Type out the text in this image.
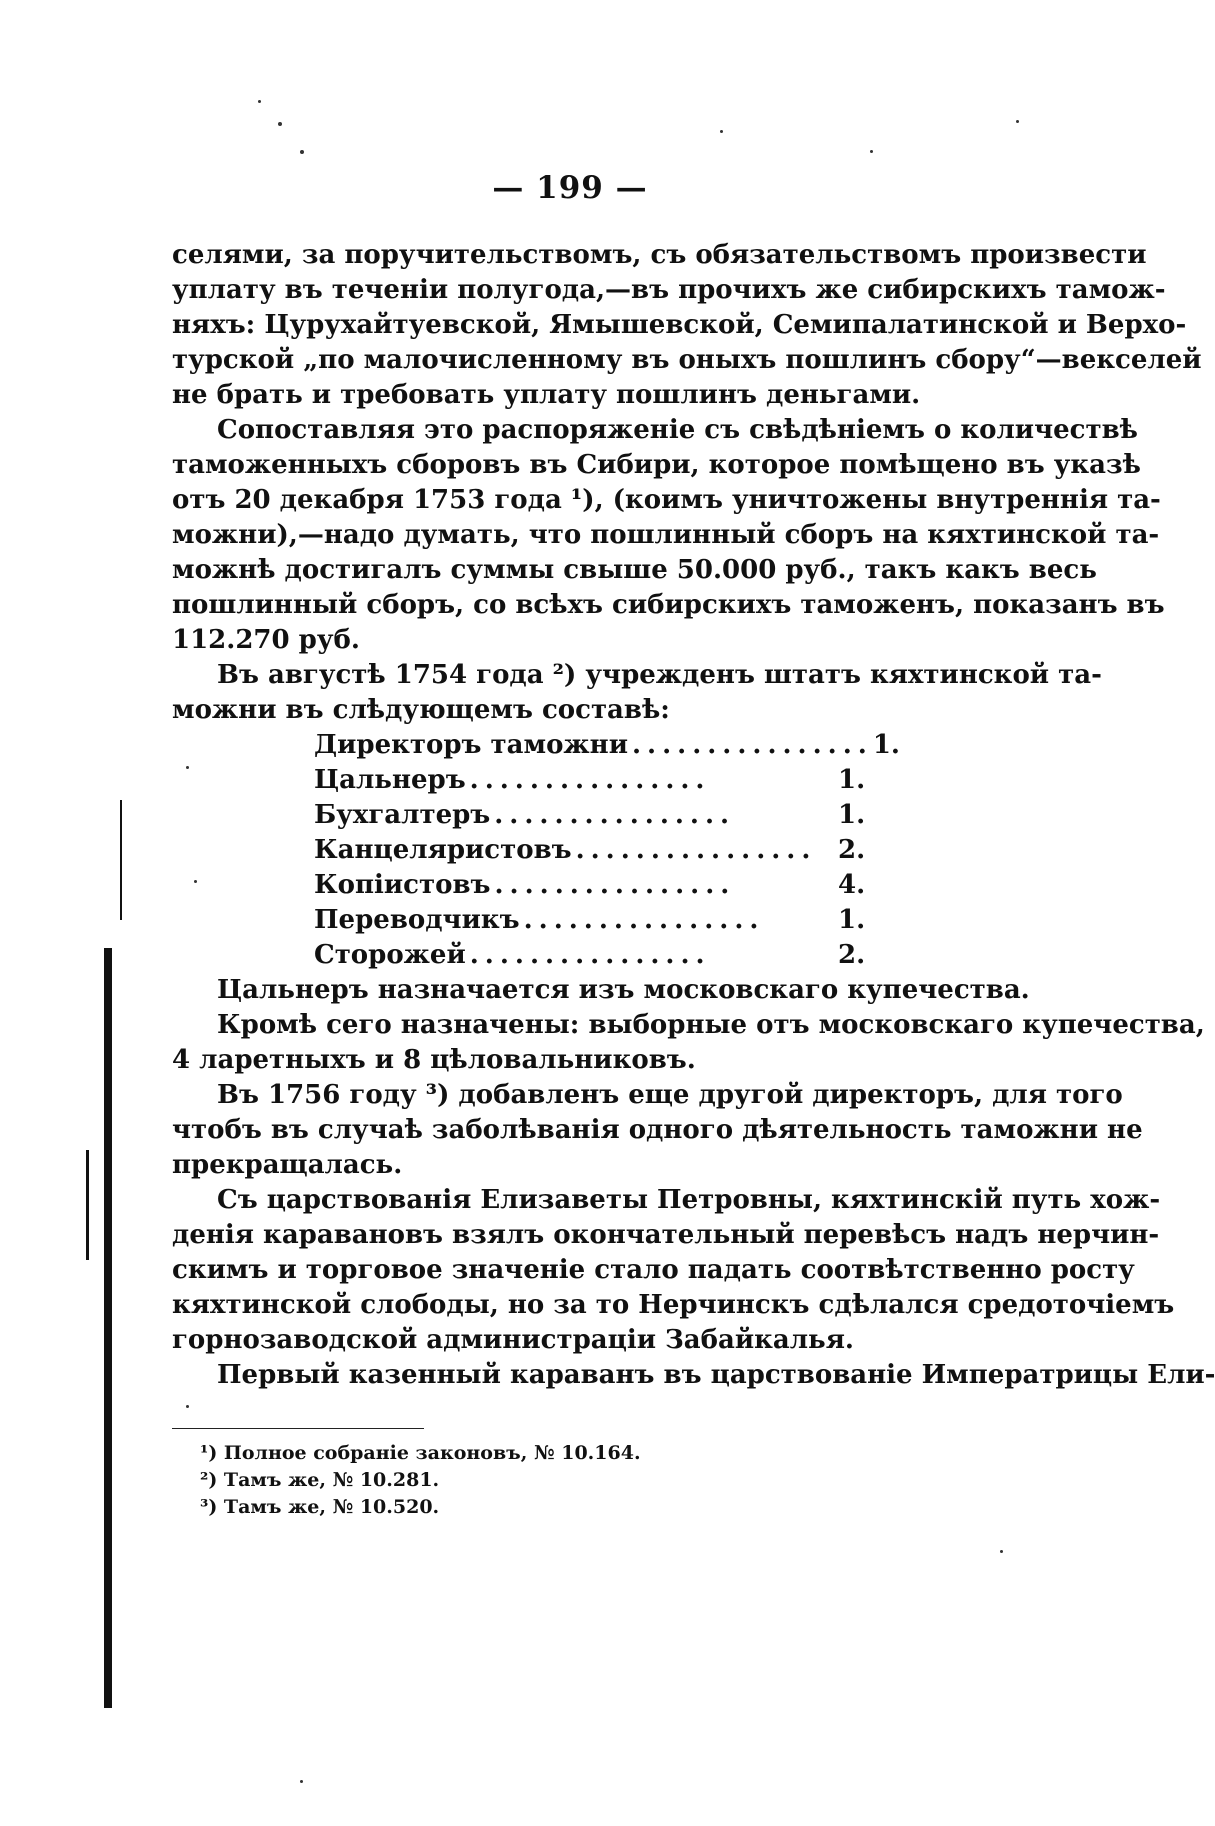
— 199 —
селями, за поручительствомъ, съ обязательствомъ произвести
уплату въ теченіи полугода,—въ прочихъ же сибирскихъ тамож-
няхъ: Цурухайтуевской, Ямышевской, Семипалатинской и Верхо-
турской „по малочисленному въ оныхъ пошлинъ сбору“—векселей
не брать и требовать уплату пошлинъ деньгами.
Сопоставляя это распоряженіе съ свѣдѣніемъ о количествѣ
таможенныхъ сборовъ въ Сибири, которое помѣщено въ указѣ
отъ 20 декабря 1753 года ¹), (коимъ уничтожены внутреннія та-
можни),—надо думать, что пошлинный сборъ на кяхтинской та-
можнѣ достигалъ суммы свыше 50.000 руб., такъ какъ весь
пошлинный сборъ, со всѣхъ сибирскихъ таможенъ, показанъ въ
112.270 руб.
Въ августѣ 1754 года ²) учрежденъ штатъ кяхтинской та-
можни въ слѣдующемъ составѣ:
Директоръ таможни ................ 1.
Цальнеръ ................	1.
Бухгалтеръ ................	1.
Канцеляристовъ ................ 2.
Копіистовъ ................	4.
Переводчикъ ................	1.
Сторожей ................	2.
Цальнеръ назначается изъ московскаго купечества.
Кромѣ сего назначены: выборные отъ московскаго купечества,
4 ларетныхъ и 8 цѣловальниковъ.
Въ 1756 году ³) добавленъ еще другой директоръ, для того
чтобъ въ случаѣ заболѣванія одного дѣятельность таможни не
прекращалась.
Съ царствованія Елизаветы Петровны, кяхтинскій путь хож-
денія каравановъ взялъ окончательный перевѣсъ надъ нерчин-
скимъ и торговое значеніе стало падать соотвѣтственно росту
кяхтинской слободы, но за то Нерчинскъ сдѣлался средоточіемъ
горнозаводской администраціи Забайкалья.
Первый казенный караванъ въ царствованіе Императрицы Ели-
¹) Полное собраніе законовъ, № 10.164.
²) Тамъ же, № 10.281.
³) Тамъ же, № 10.520.
